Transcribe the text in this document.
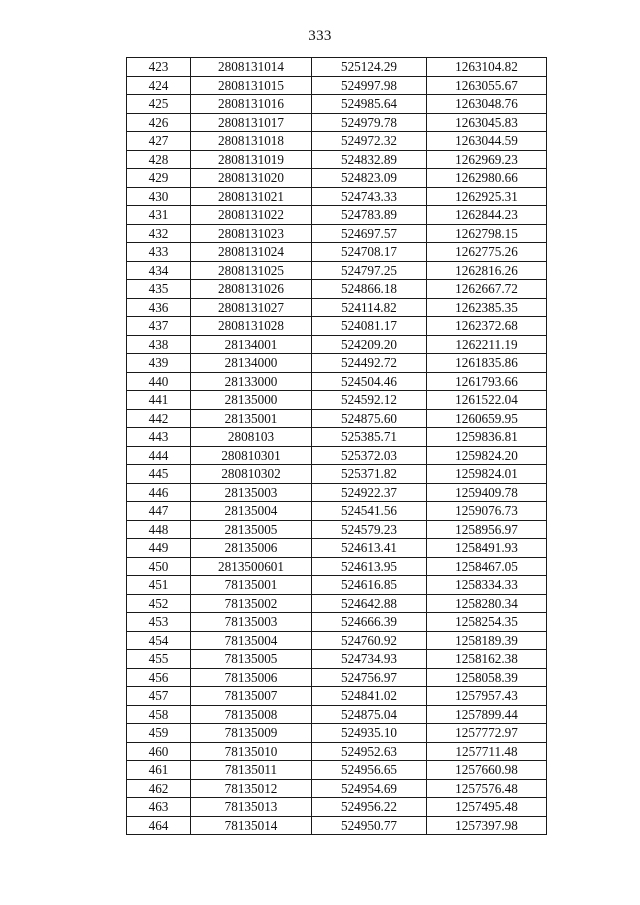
333
423	2808131014	525124.29	1263104.82
424	2808131015	524997.98	1263055.67
425	2808131016	524985.64	1263048.76
426	2808131017	524979.78	1263045.83
427	2808131018	524972.32	1263044.59
428	2808131019	524832.89	1262969.23
429	2808131020	524823.09	1262980.66
430	2808131021	524743.33	1262925.31
431	2808131022	524783.89	1262844.23
432	2808131023	524697.57	1262798.15
433	2808131024	524708.17	1262775.26
434	2808131025	524797.25	1262816.26
435	2808131026	524866.18	1262667.72
436	2808131027	524114.82	1262385.35
437	2808131028	524081.17	1262372.68
438	28134001	524209.20	1262211.19
439	28134000	524492.72	1261835.86
440	28133000	524504.46	1261793.66
441	28135000	524592.12	1261522.04
442	28135001	524875.60	1260659.95
443	2808103	525385.71	1259836.81
444	280810301	525372.03	1259824.20
445	280810302	525371.82	1259824.01
446	28135003	524922.37	1259409.78
447	28135004	524541.56	1259076.73
448	28135005	524579.23	1258956.97
449	28135006	524613.41	1258491.93
450	2813500601	524613.95	1258467.05
451	78135001	524616.85	1258334.33
452	78135002	524642.88	1258280.34
453	78135003	524666.39	1258254.35
454	78135004	524760.92	1258189.39
455	78135005	524734.93	1258162.38
456	78135006	524756.97	1258058.39
457	78135007	524841.02	1257957.43
458	78135008	524875.04	1257899.44
459	78135009	524935.10	1257772.97
460	78135010	524952.63	1257711.48
461	78135011	524956.65	1257660.98
462	78135012	524954.69	1257576.48
463	78135013	524956.22	1257495.48
464	78135014	524950.77	1257397.98
